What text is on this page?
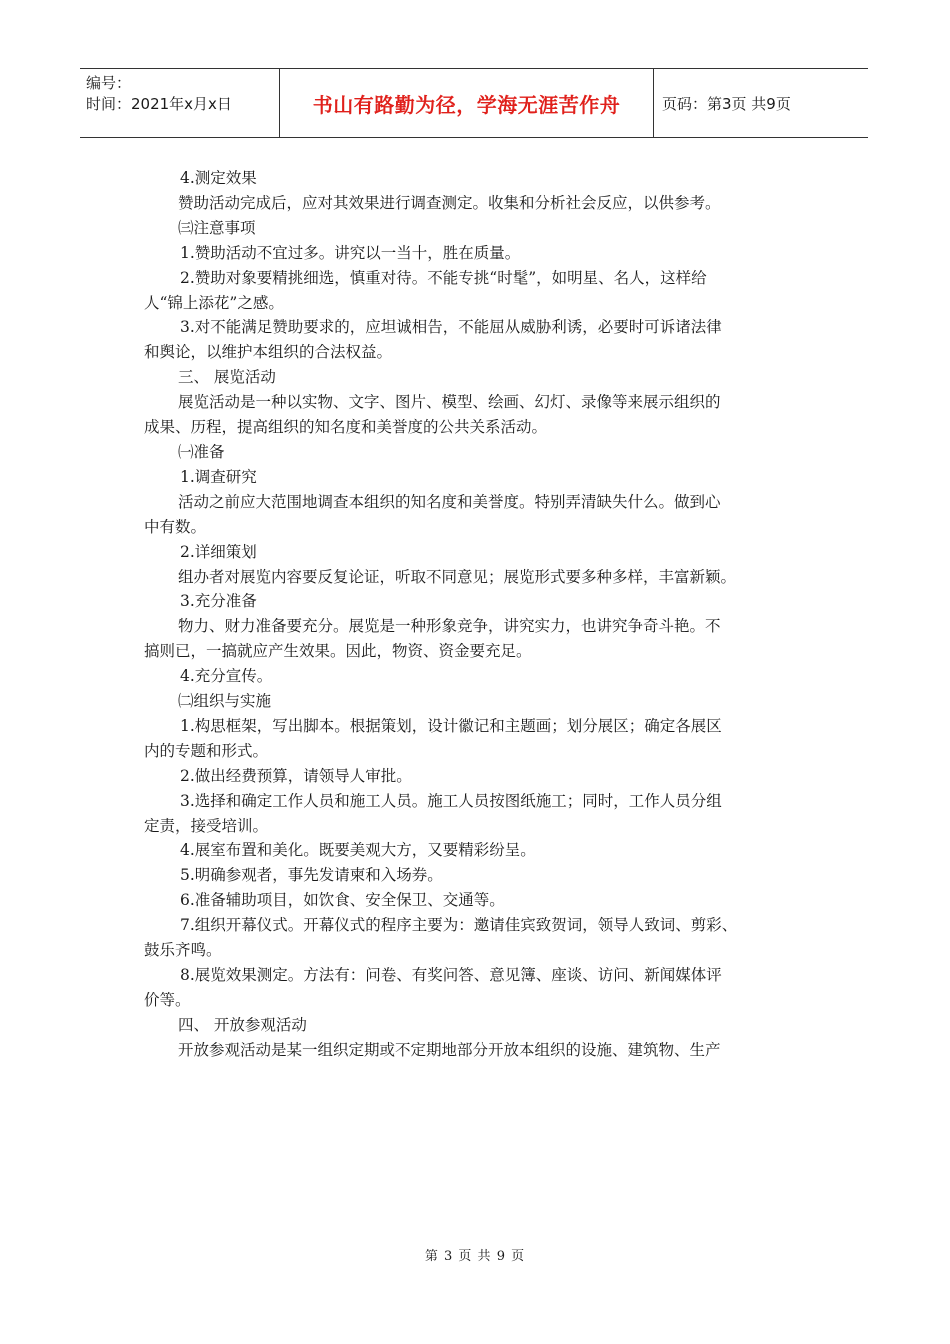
编号：
时间：2021年x月x日	书山有路勤为径，学海无涯苦作舟	页码：第3页 共9页
4.测定效果
赞助活动完成后，应对其效果进行调查测定。收集和分析社会反应，以供参考。
㈢注意事项
1.赞助活动不宜过多。讲究以一当十，胜在质量。
2.赞助对象要精挑细选，慎重对待。不能专挑“时髦”，如明星、名人，这样给
人“锦上添花”之感。
3.对不能满足赞助要求的，应坦诚相告，不能屈从威胁利诱，必要时可诉诸法律
和舆论，以维护本组织的合法权益。
三、 展览活动
展览活动是一种以实物、文字、图片、模型、绘画、幻灯、录像等来展示组织的
成果、历程，提高组织的知名度和美誉度的公共关系活动。
㈠准备
1.调查研究
活动之前应大范围地调查本组织的知名度和美誉度。特别弄清缺失什么。做到心
中有数。
2.详细策划
组办者对展览内容要反复论证，听取不同意见；展览形式要多种多样，丰富新颖。
3.充分准备
物力、财力准备要充分。展览是一种形象竞争，讲究实力，也讲究争奇斗艳。不
搞则已，一搞就应产生效果。因此，物资、资金要充足。
4.充分宣传。
㈡组织与实施
1.构思框架，写出脚本。根据策划，设计徽记和主题画；划分展区；确定各展区
内的专题和形式。
2.做出经费预算，请领导人审批。
3.选择和确定工作人员和施工人员。施工人员按图纸施工；同时，工作人员分组
定责，接受培训。
4.展室布置和美化。既要美观大方，又要精彩纷呈。
5.明确参观者，事先发请柬和入场券。
6.准备辅助项目，如饮食、安全保卫、交通等。
7.组织开幕仪式。开幕仪式的程序主要为：邀请佳宾致贺词，领导人致词、剪彩、
鼓乐齐鸣。
8.展览效果测定。方法有：问卷、有奖问答、意见簿、座谈、访问、新闻媒体评
价等。
四、 开放参观活动
开放参观活动是某一组织定期或不定期地部分开放本组织的设施、建筑物、生产
第 3 页 共 9 页
